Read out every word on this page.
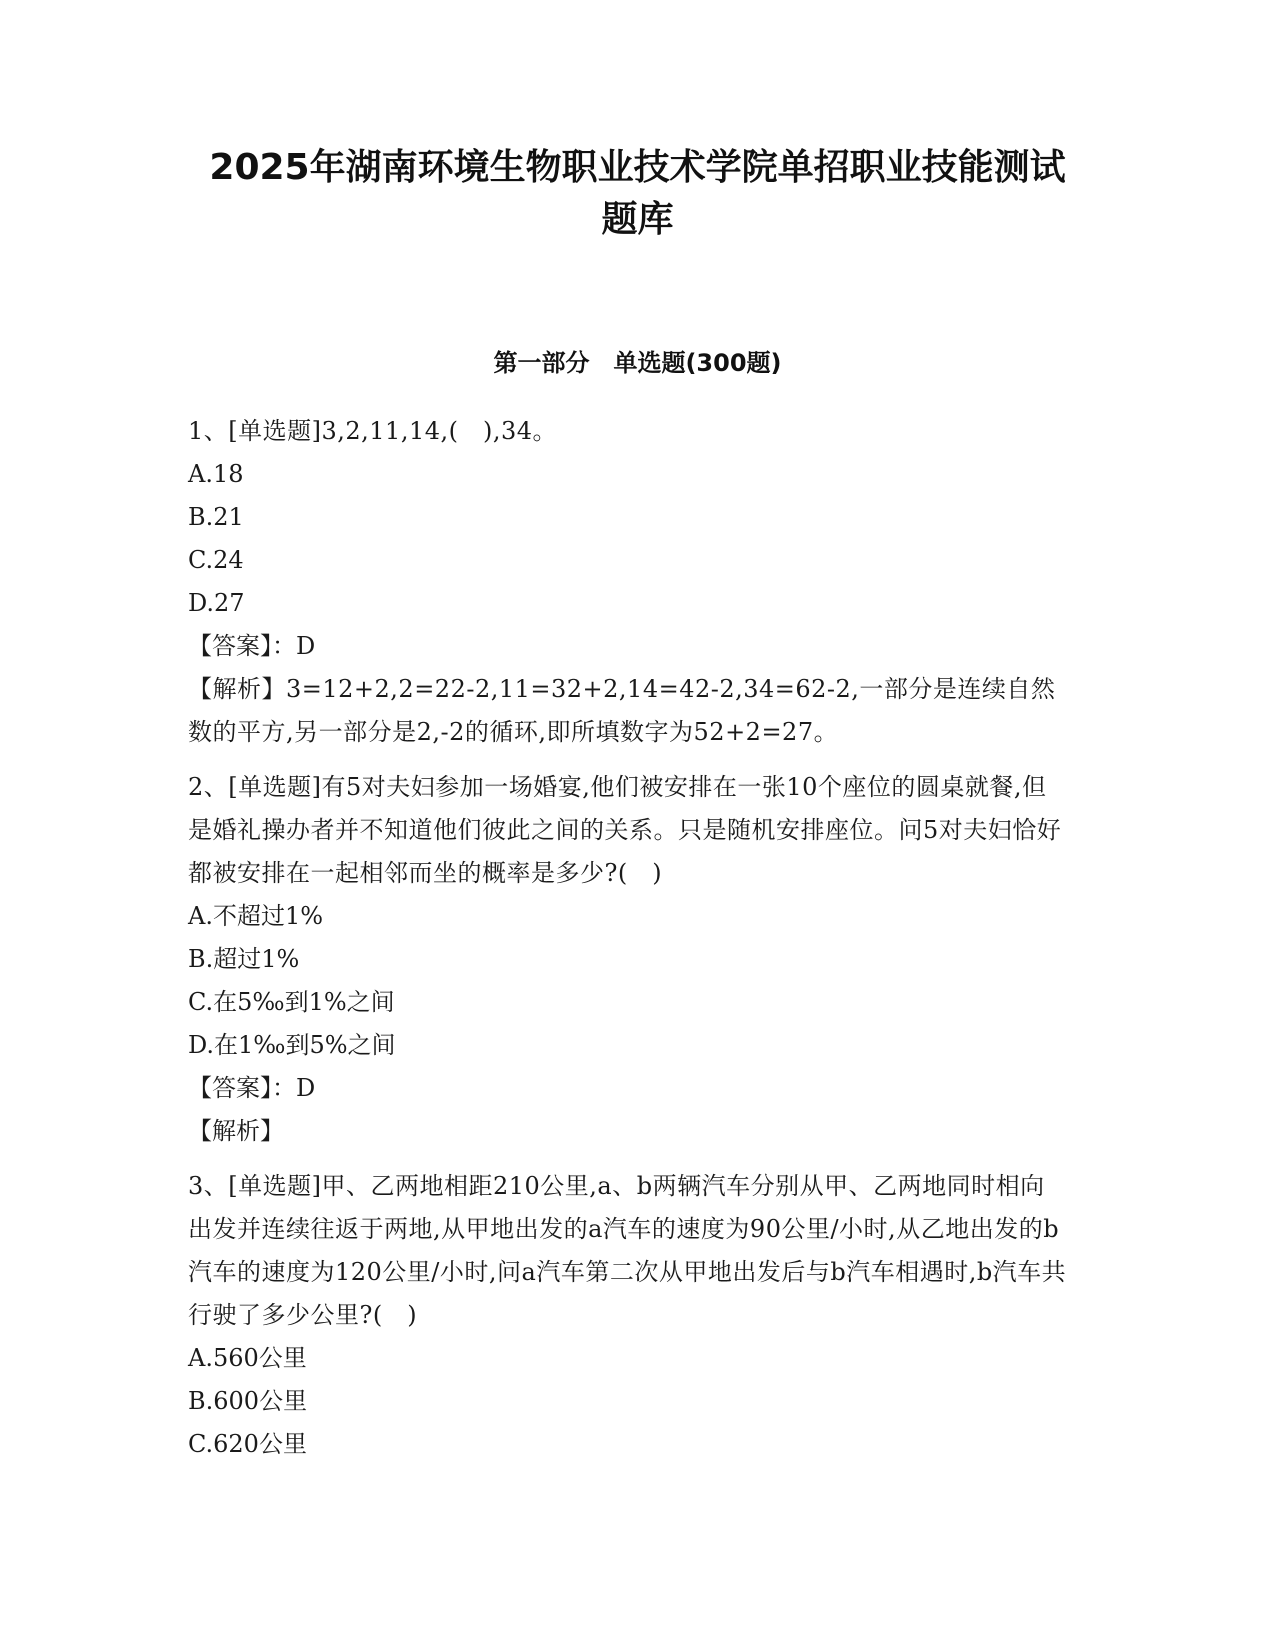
2025年湖南环境生物职业技术学院单招职业技能测试
题库
第一部分　单选题(300题)

1、[单选题]3,2,11,14,(　),34。

A.18

B.21

C.24

D.27

【答案】：D

【解析】3=12+2,2=22-2,11=32+2,14=42-2,34=62-2,一部分是连续自然数的平方,另一部分是2,-2的循环,即所填数字为52+2=27。

2、[单选题]有5对夫妇参加一场婚宴,他们被安排在一张10个座位的圆桌就餐,但是婚礼操办者并不知道他们彼此之间的关系。只是随机安排座位。问5对夫妇恰好都被安排在一起相邻而坐的概率是多少?(　)

A.不超过1%

B.超过1%

C.在5‰到1%之间

D.在1‰到5%之间

【答案】：D

【解析】

3、[单选题]甲、乙两地相距210公里,a、b两辆汽车分别从甲、乙两地同时相向出发并连续往返于两地,从甲地出发的a汽车的速度为90公里/小时,从乙地出发的b汽车的速度为120公里/小时,问a汽车第二次从甲地出发后与b汽车相遇时,b汽车共行驶了多少公里?(　)

A.560公里

B.600公里

C.620公里
